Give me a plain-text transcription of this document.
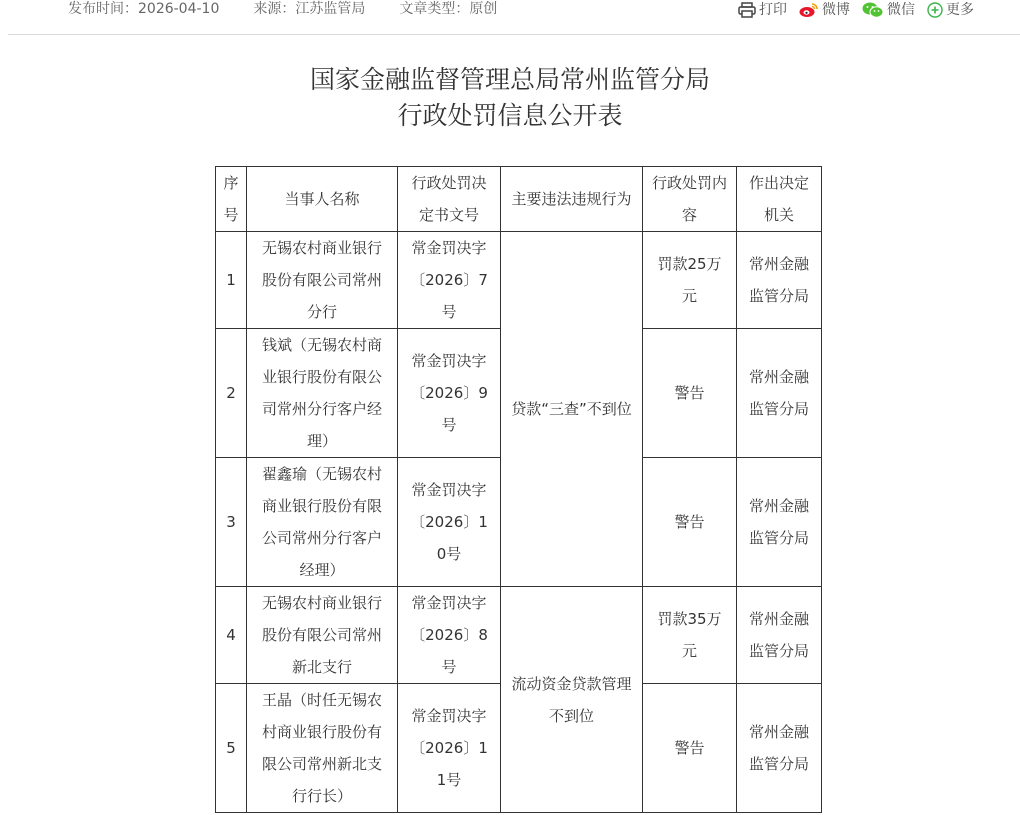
发布时间：2026-04-10 来源：江苏监管局 文章类型：原创	打印	微博	微信 更多
国家金融监督管理总局常州监管分局
行政处罚信息公开表
序号	当事人名称	行政处罚决定书文号	主要违法违规行为	行政处罚内容	作出决定机关
1	无锡农村商业银行股份有限公司常州分行	常金罚决字〔2026〕7号	贷款“三查”不到位	罚款25万元	常州金融监管分局
2	钱斌（无锡农村商业银行股份有限公司常州分行客户经理）	常金罚决字〔2026〕9号		警告	常州金融监管分局
3	翟鑫瑜（无锡农村商业银行股份有限公司常州分行客户经理）	常金罚决字〔2026〕10号		警告	常州金融监管分局
4	无锡农村商业银行股份有限公司常州新北支行	常金罚决字〔2026〕8号	流动资金贷款管理不到位	罚款35万元	常州金融监管分局
5	王晶（时任无锡农村商业银行股份有限公司常州新北支行行长）	常金罚决字〔2026〕11号		警告	常州金融监管分局
